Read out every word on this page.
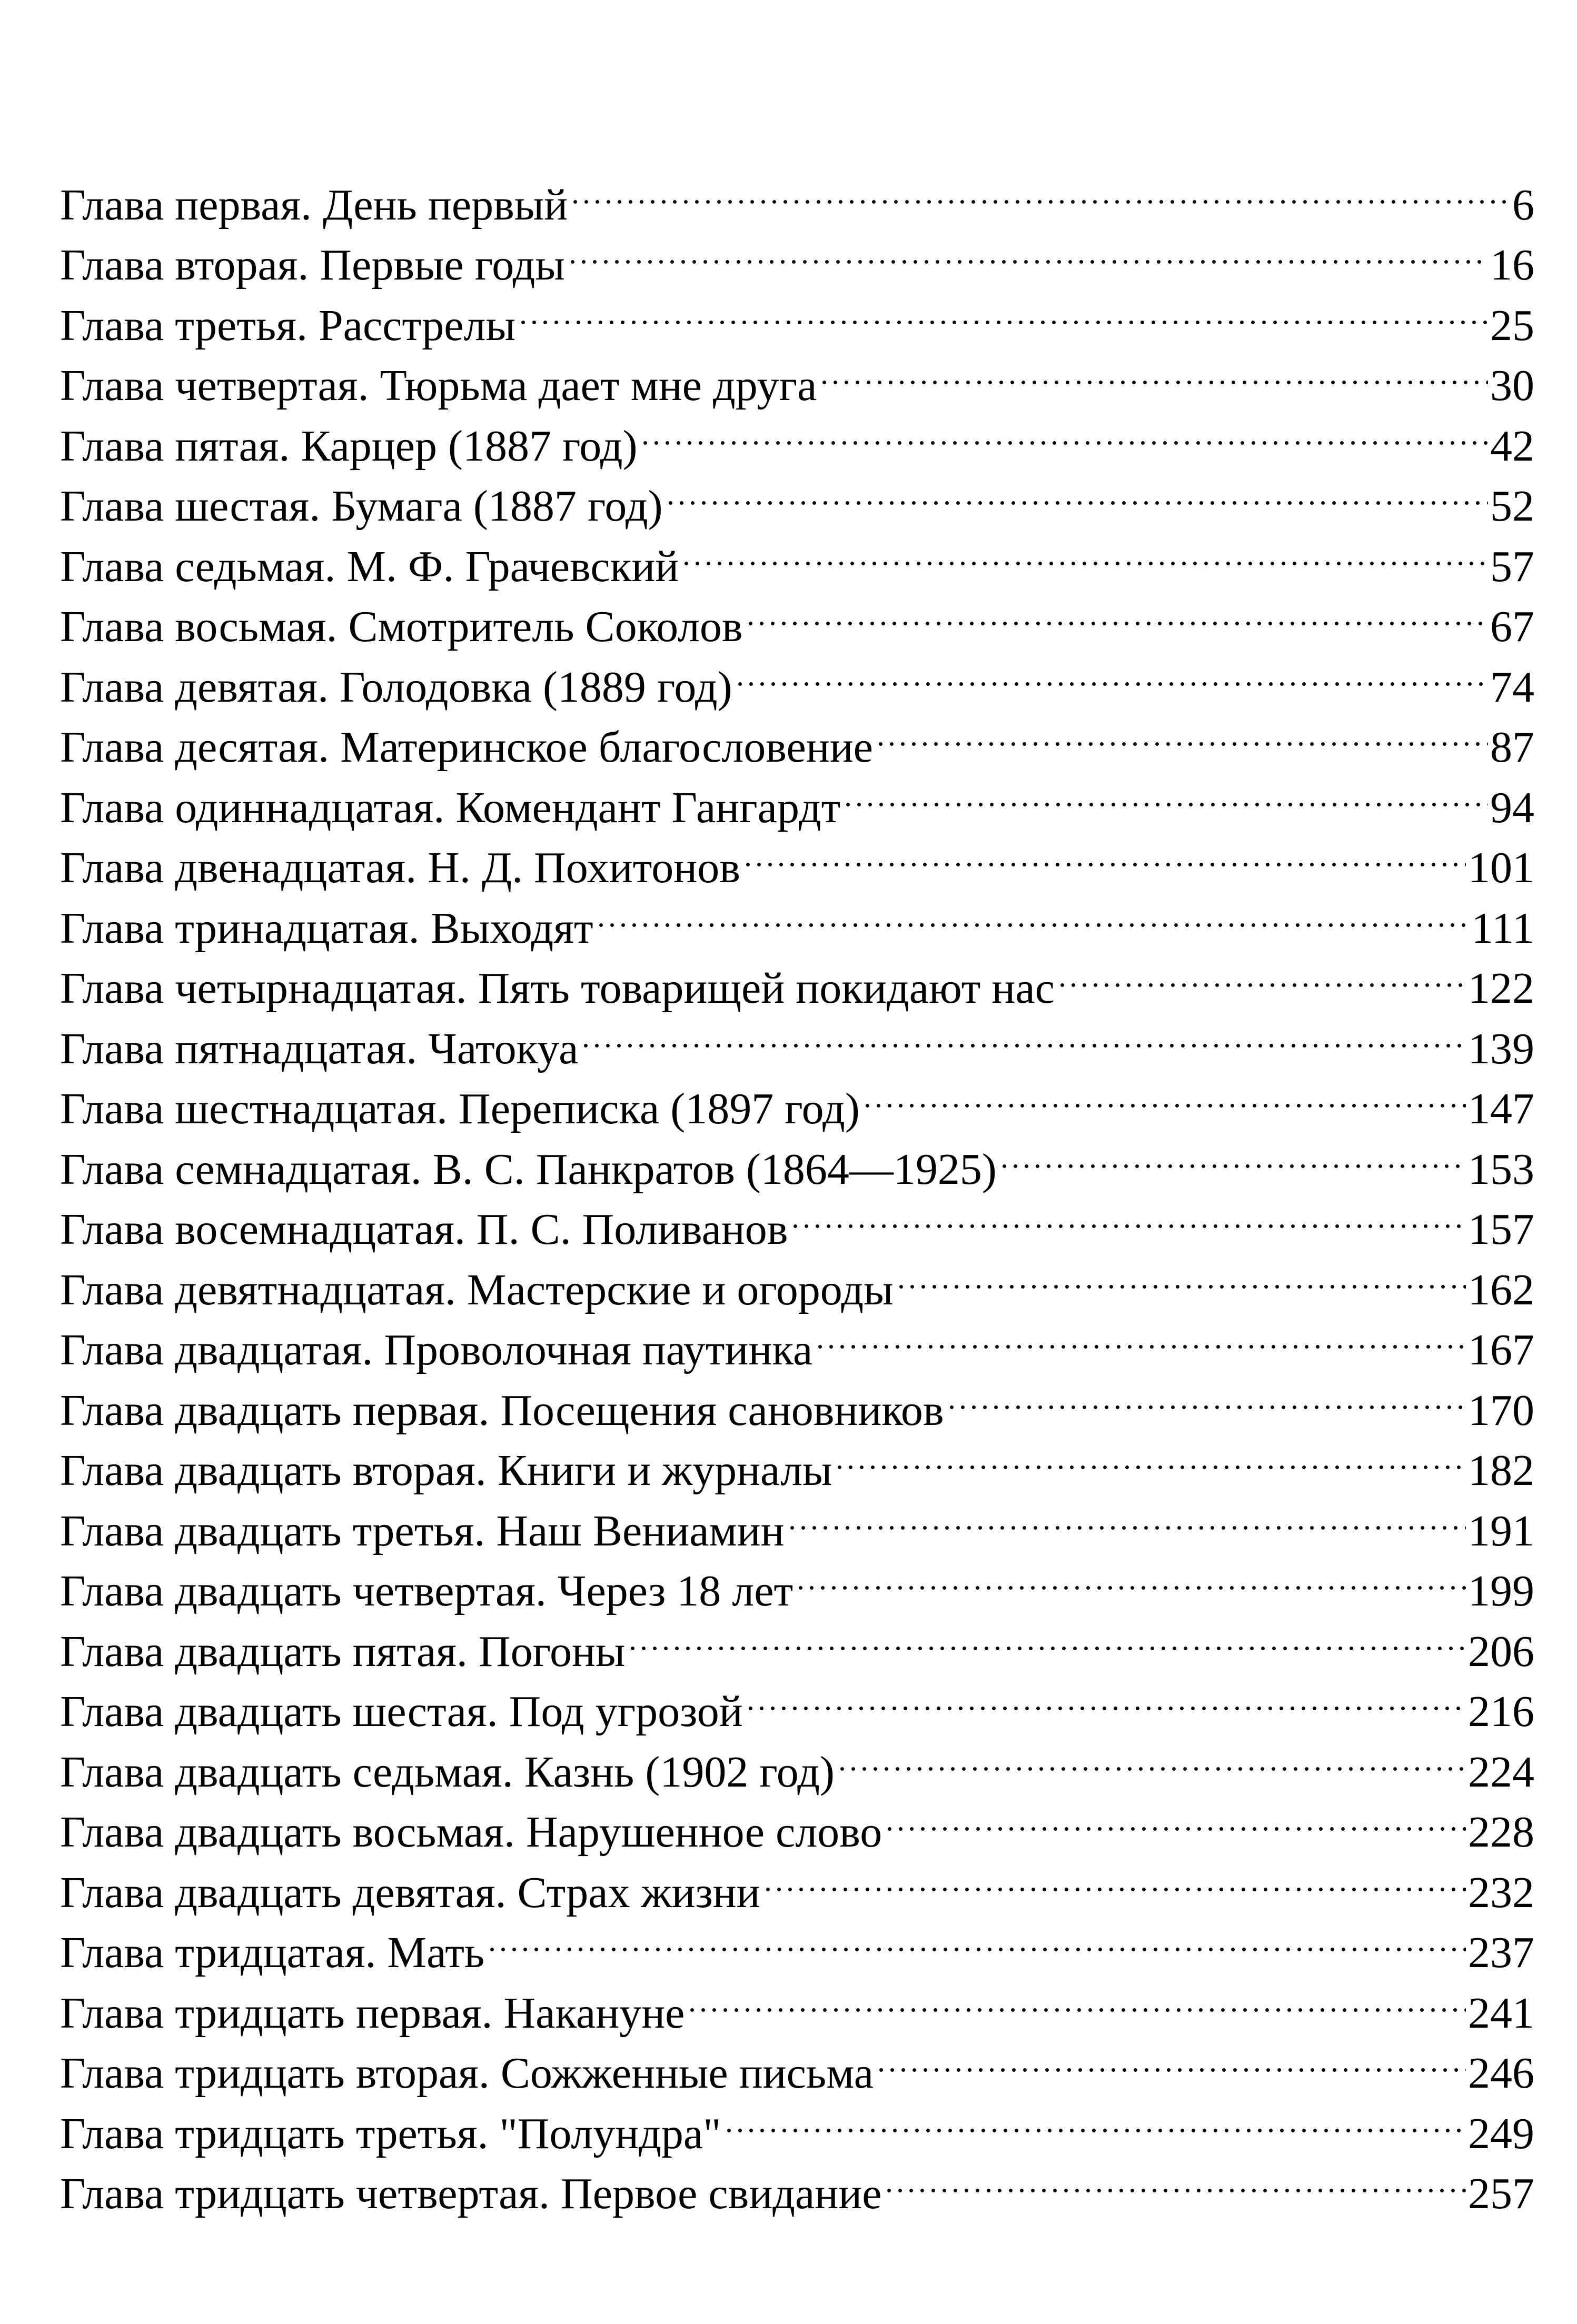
Глава первая. День первый	6
Глава вторая. Первые годы	16
Глава третья. Расстрелы	25
Глава четвертая. Тюрьма дает мне друга	30
Глава пятая. Карцер (1887 год)	42
Глава шестая. Бумага (1887 год)	52
Глава седьмая. М. Ф. Грачевский	57
Глава восьмая. Смотритель Соколов	67
Глава девятая. Голодовка (1889 год)	74
Глава десятая. Материнское благословение	87
Глава одиннадцатая. Комендант Гангардт	94
Глава двенадцатая. Н. Д. Похитонов	101
Глава тринадцатая. Выходят	111
Глава четырнадцатая. Пять товарищей покидают нас	122
Глава пятнадцатая. Чатокуа	139
Глава шестнадцатая. Переписка (1897 год)	147
Глава семнадцатая. В. С. Панкратов (1864—1925)	153
Глава восемнадцатая. П. С. Поливанов	157
Глава девятнадцатая. Мастерские и огороды	162
Глава двадцатая. Проволочная паутинка	167
Глава двадцать первая. Посещения сановников	170
Глава двадцать вторая. Книги и журналы	182
Глава двадцать третья. Наш Вениамин	191
Глава двадцать четвертая. Через 18 лет	199
Глава двадцать пятая. Погоны	206
Глава двадцать шестая. Под угрозой	216
Глава двадцать седьмая. Казнь (1902 год)	224
Глава двадцать восьмая. Нарушенное слово	228
Глава двадцать девятая. Страх жизни	232
Глава тридцатая. Мать	237
Глава тридцать первая. Накануне	241
Глава тридцать вторая. Сожженные письма	246
Глава тридцать третья. "Полундра"	249
Глава тридцать четвертая. Первое свидание	257
